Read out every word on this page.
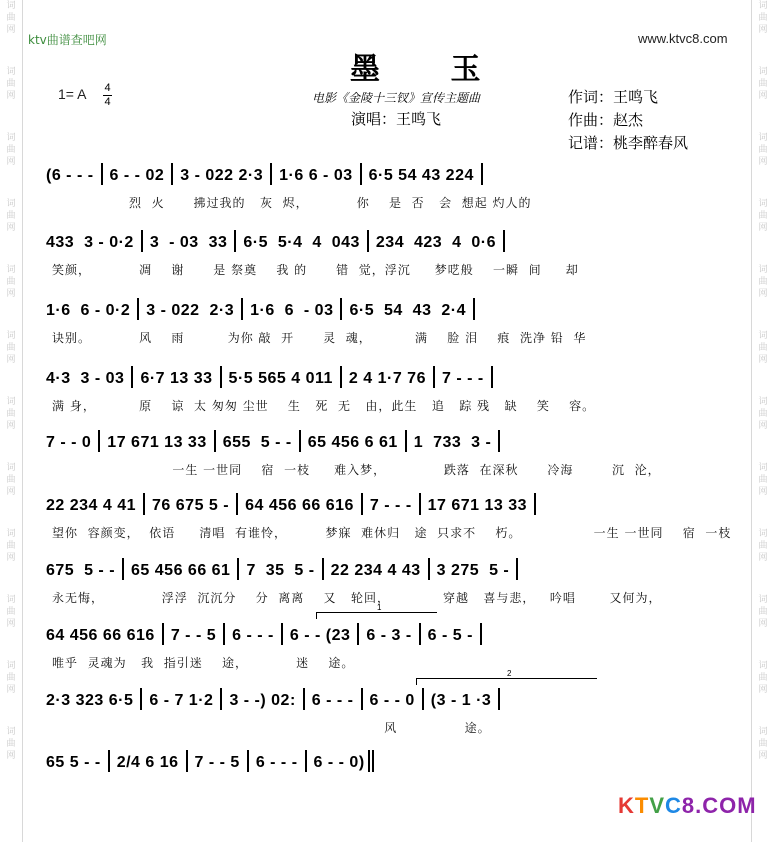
词
曲
网
词
曲
网
词
曲
网
词
曲
网
词
曲
网
词
曲
网
词
曲
网
词
曲
网
词
曲
网
词
曲
网
词
曲
网
词
曲
网
词
曲
网
词
曲
网
词
曲
网
词
曲
网
词
曲
网
词
曲
网
词
曲
网
词
曲
网
词
曲
网
词
曲
网
词
曲
网
词
曲
网
ktv曲谱查吧网	www.ktvc8.com
墨 玉
1= A 4
4	电影《金陵十三钗》宣传主题曲
演唱：王鸣飞
作词：王鸣飞
作曲：赵杰
记谱：桃李醉春风
(6 - - - 6 - - 02 3 - 022 2·3 1·6 6 - 03 6·5 54 43 224
烈  火      拂过我的   灰  烬，          你    是  否   会  想起 灼人的
433  3 - 0·2 3  - 03  33 6·5  5·4  4  043 234  423  4  0·6
笑颜，          凋    谢      是 祭奠    我 的      错  觉，浮沉     梦呓般    一瞬  间     却
1·6  6 - 0·2 3 - 022  2·3 1·6  6  - 03 6·5  54  43  2·4
诀别。          风    雨         为你 敲  开      灵  魂，         满    脸 泪    痕  洗净 铅  华
4·3  3 - 03 6·7 13 33 5·5 565 4 011 2 4 1·7 76 7 - - -
满 身，         原    谅  太 匆匆 尘世    生   死  无   由，此生   追   踪 残   缺    笑    容。
7 - - 0 17 671 13 33 655  5 - - 65 456 6 61 1  733  3 -
一生 一世同    宿  一枝     难入梦，            跌落  在深秋      冷海        沉  沦，
22 234 4 41 76 675 5 - 64 456 66 616 7 - - - 17 671 13 33
望你  容颜变，  依语     清唱  有谁怜，        梦寐  难休归   途  只求不    朽。               一生 一世同    宿  一枝
675  5 - - 65 456 66 61 7  35  5 - 22 234 4 43 3 275  5 -
永无悔，            浮浮  沉沉分    分  离离    又   轮回，           穿越   喜与悲，   吟唱       又何为，
64 456 66 616 7 - - 5 6 - - - 6 - - (23 6 - 3 - 6 - 5 -
唯乎  灵魂为   我  指引迷    途，          迷    途。
2·3 323 6·5 6 - 7 1·2 3 - -) 02: 6 - - - 6 - - 0 (3 - 1 ·3
风              途。
65 5 - - 2/4 6 16 7 - - 5 6 - - - 6 - - 0)
1
2
KTVC8.COM
